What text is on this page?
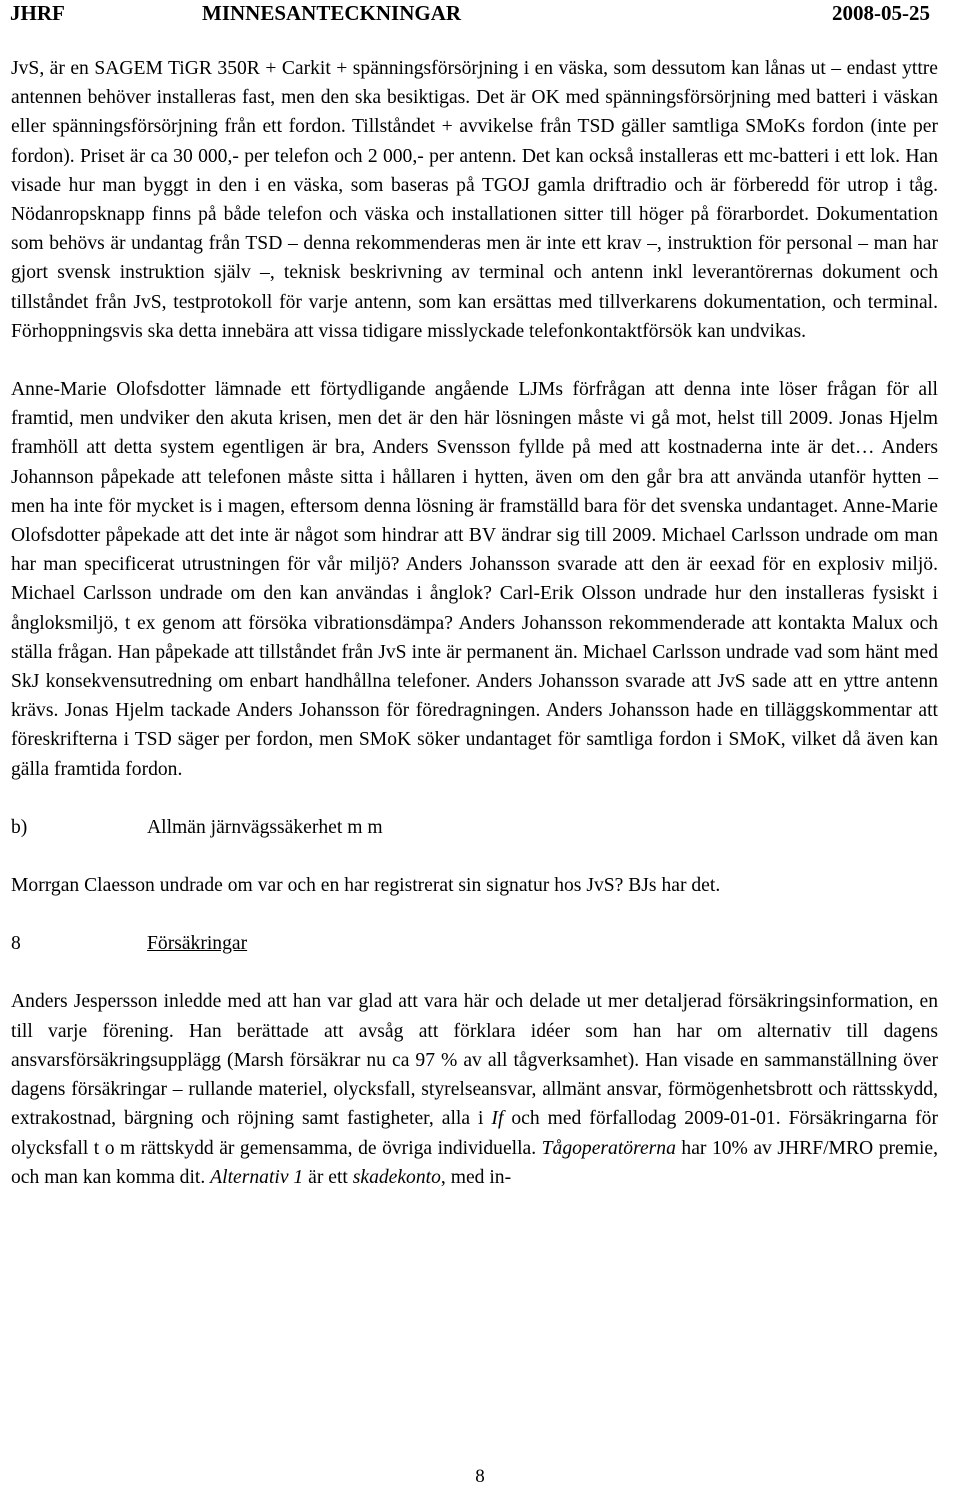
JHRF	MINNESANTECKNINGAR	2008-05-25

JvS, är en SAGEM TiGR 350R + Carkit + spänningsförsörjning i en väska, som dessutom kan lånas ut – endast yttre antennen behöver installeras fast, men den ska besiktigas. Det är OK med spänningsförsörjning med batteri i väskan eller spänningsförsörjning från ett fordon. Tillståndet + avvikelse från TSD gäller samtliga SMoKs fordon (inte per fordon). Priset är ca 30 000,- per telefon och 2 000,- per antenn. Det kan också installeras ett mc-batteri i ett lok. Han visade hur man byggt in den i en väska, som baseras på TGOJ gamla driftradio och är förberedd för utrop i tåg. Nödanropsknapp finns på både telefon och väska och installationen sitter till höger på förarbordet. Dokumentation som behövs är undantag från TSD – denna rekommenderas men är inte ett krav –, instruktion för personal – man har gjort svensk instruktion själv –, teknisk beskrivning av terminal och antenn inkl leverantörernas dokument och tillståndet från JvS, testprotokoll för varje antenn, som kan ersättas med tillverkarens dokumentation, och terminal. Förhoppningsvis ska detta innebära att vissa tidigare misslyckade telefonkontaktförsök kan undvikas.

Anne-Marie Olofsdotter lämnade ett förtydligande angående LJMs förfrågan att denna inte löser frågan för all framtid, men undviker den akuta krisen, men det är den här lösningen måste vi gå mot, helst till 2009. Jonas Hjelm framhöll att detta system egentligen är bra, Anders Svensson fyllde på med att kostnaderna inte är det… Anders Johannson påpekade att telefonen måste sitta i hållaren i hytten, även om den går bra att använda utanför hytten – men ha inte för mycket is i magen, eftersom denna lösning är framställd bara för det svenska undantaget. Anne-Marie Olofsdotter påpekade att det inte är något som hindrar att BV ändrar sig till 2009. Michael Carlsson undrade om man har man specificerat utrustningen för vår miljö? Anders Johansson svarade att den är eexad för en explosiv miljö. Michael Carlsson undrade om den kan användas i ånglok? Carl-Erik Olsson undrade hur den installeras fysiskt i ångloksmiljö, t ex genom att försöka vibrationsdämpa? Anders Johansson rekommenderade att kontakta Malux och ställa frågan. Han påpekade att tillståndet från JvS inte är permanent än. Michael Carlsson undrade vad som hänt med SkJ konsekvensutredning om enbart handhållna telefoner. Anders Johansson svarade att JvS sade att en yttre antenn krävs. Jonas Hjelm tackade Anders Johansson för föredragningen. Anders Johansson hade en tilläggskommentar att föreskrifterna i TSD säger per fordon, men SMoK söker undantaget för samtliga fordon i SMoK, vilket då även kan gälla framtida fordon.

b)	Allmän järnvägssäkerhet m m

Morrgan Claesson undrade om var och en har registrerat sin signatur hos JvS? BJs har det.

8	Försäkringar

Anders Jespersson inledde med att han var glad att vara här och delade ut mer detaljerad försäkringsinformation, en till varje förening. Han berättade att avsåg att förklara idéer som han har om alternativ till dagens ansvarsförsäkringsupplägg (Marsh försäkrar nu ca 97 % av all tågverksamhet). Han visade en sammanställning över dagens försäkringar – rullande materiel, olycksfall, styrelseansvar, allmänt ansvar, förmögenhetsbrott och rättsskydd, extrakostnad, bärgning och röjning samt fastigheter, alla i If och med förfallodag 2009-01-01. Försäkringarna för olycksfall t o m rättskydd är gemensamma, de övriga individuella. Tågoperatörerna har 10% av JHRF/MRO premie, och man kan komma dit. Alternativ 1 är ett skadekonto, med in-

8
